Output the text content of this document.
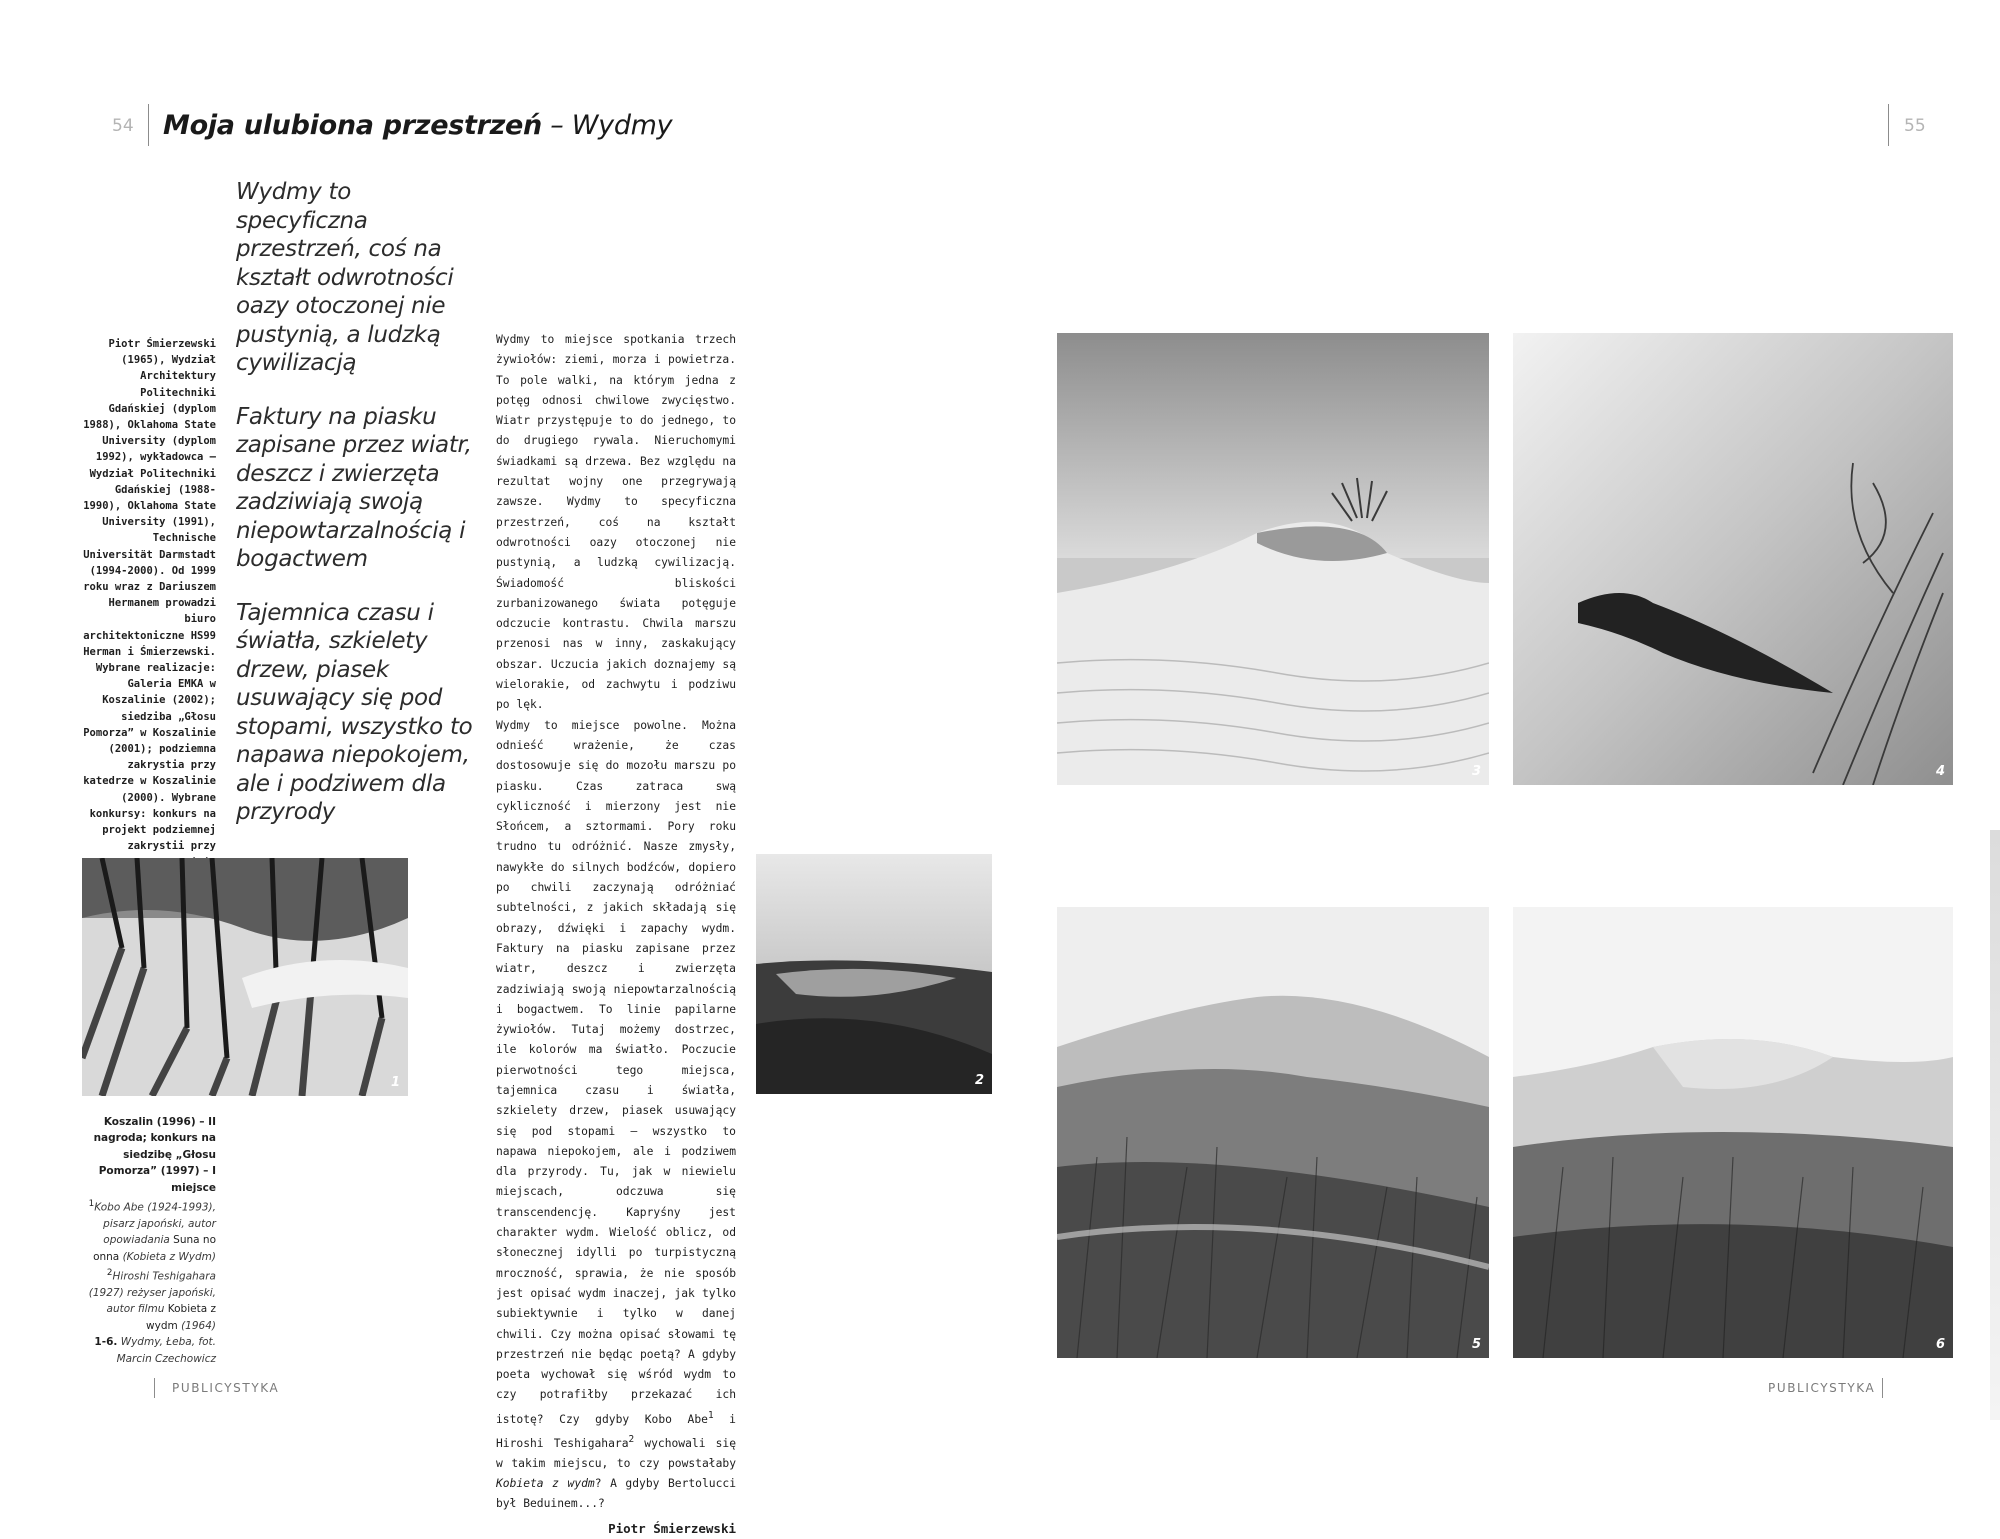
54 Moja ulubiona przestrzeń – Wydmy	55

Wydmy to specyficzna przestrzeń, coś na kształt odwrotności oazy otoczonej nie pustynią, a ludzką cywilizacją

Faktury na piasku zapisane przez wiatr, deszcz i zwierzęta zadziwiają swoją niepowtarzalnością i bogactwem

Tajemnica czasu i światła, szkielety drzew, piasek usuwający się pod stopami, wszystko to napawa niepokojem, ale i podziwem dla przyrody

Piotr Śmierzewski (1965), Wydział Architektury Politechniki Gdańskiej (dyplom 1988), Oklahoma State University (dyplom 1992), wykładowca – Wydział Politechniki Gdańskiej (1988-1990), Oklahoma State University (1991), Technische Universität Darmstadt (1994-2000). Od 1999 roku wraz z Dariuszem Hermanem prowadzi biuro architektoniczne HS99 Herman i Śmierzewski. Wybrane realizacje: Galeria EMKA w Koszalinie (2002); siedziba „Głosu Pomorza” w Koszalinie (2001); podziemna zakrystia przy katedrze w Koszalinie (2000). Wybrane konkursy: konkurs na projekt podziemnej zakrystii przy
1
Koszalin (1996) – II nagroda; konkurs na siedzibę „Głosu Pomorza” (1997) – I miejsce
$^1$Kobo Abe (1924-1993), pisarz japoński, autor opowiadania Suna no onna (Kobieta z Wydm)
$^2$Hiroshi Teshigahara (1927) reżyser japoński, autor filmu Kobieta z wydm (1964)
1-6. Wydmy, Łeba, fot. Marcin Czechowicz

Wydmy to miejsce spotkania trzech żywiołów: ziemi, morza i powietrza. To pole walki, na którym jedna z potęg odnosi chwilowe zwycięstwo. Wiatr przystępuje to do jednego, to do drugiego rywala. Nieruchomymi świadkami są drzewa. Bez względu na rezultat wojny one przegrywają zawsze. Wydmy to specyficzna przestrzeń, coś na kształt odwrotności oazy otoczonej nie pustynią, a ludzką cywilizacją. Świadomość bliskości zurbanizowanego świata potęguje odczucie kontrastu. Chwila marszu przenosi nas w inny, zaskakujący obszar. Uczucia jakich doznajemy są wielorakie, od zachwytu i podziwu po lęk.

Wydmy to miejsce powolne. Można odnieść wrażenie, że czas dostosowuje się do mozołu marszu po piasku. Czas zatraca swą cykliczność i mierzony jest nie Słońcem, a sztormami. Pory roku trudno tu odróżnić. Nasze zmysły, nawykłe do silnych bodźców, dopiero po chwili zaczynają odróżniać subtelności, z jakich składają się obrazy, dźwięki i zapachy wydm. Faktury na piasku zapisane przez wiatr, deszcz i zwierzęta zadziwiają swoją niepowtarzalnością i bogactwem. To linie papilarne żywiołów. Tutaj możemy dostrzec, ile kolorów ma światło. Poczucie pierwotności tego miejsca, tajemnica czasu i światła, szkielety drzew, piasek usuwający się pod stopami – wszystko to napawa niepokojem, ale i podziwem dla przyrody. Tu, jak w niewielu miejscach, odczuwa się transcendencję. Kapryśny jest charakter wydm. Wielość oblicz, od słonecznej idylli po turpistyczną mroczność, sprawia, że nie sposób jest opisać wydm inaczej, jak tylko subiektywnie i tylko w danej chwili. Czy można opisać słowami tę przestrzeń nie będąc poetą? A gdyby poeta wychował się wśród wydm to czy potrafiłby przekazać ich istotę? Czy gdyby Kobo Abe$^1$ i Hiroshi Teshigahara$^2$ wychowali się w takim miejscu, to czy powstałaby Kobieta z wydm? A gdyby Bertolucci był Beduinem...?

Piotr Śmierzewski
2
3	4
5	6
PUBLICYSTYKA	PUBLICYSTYKA
